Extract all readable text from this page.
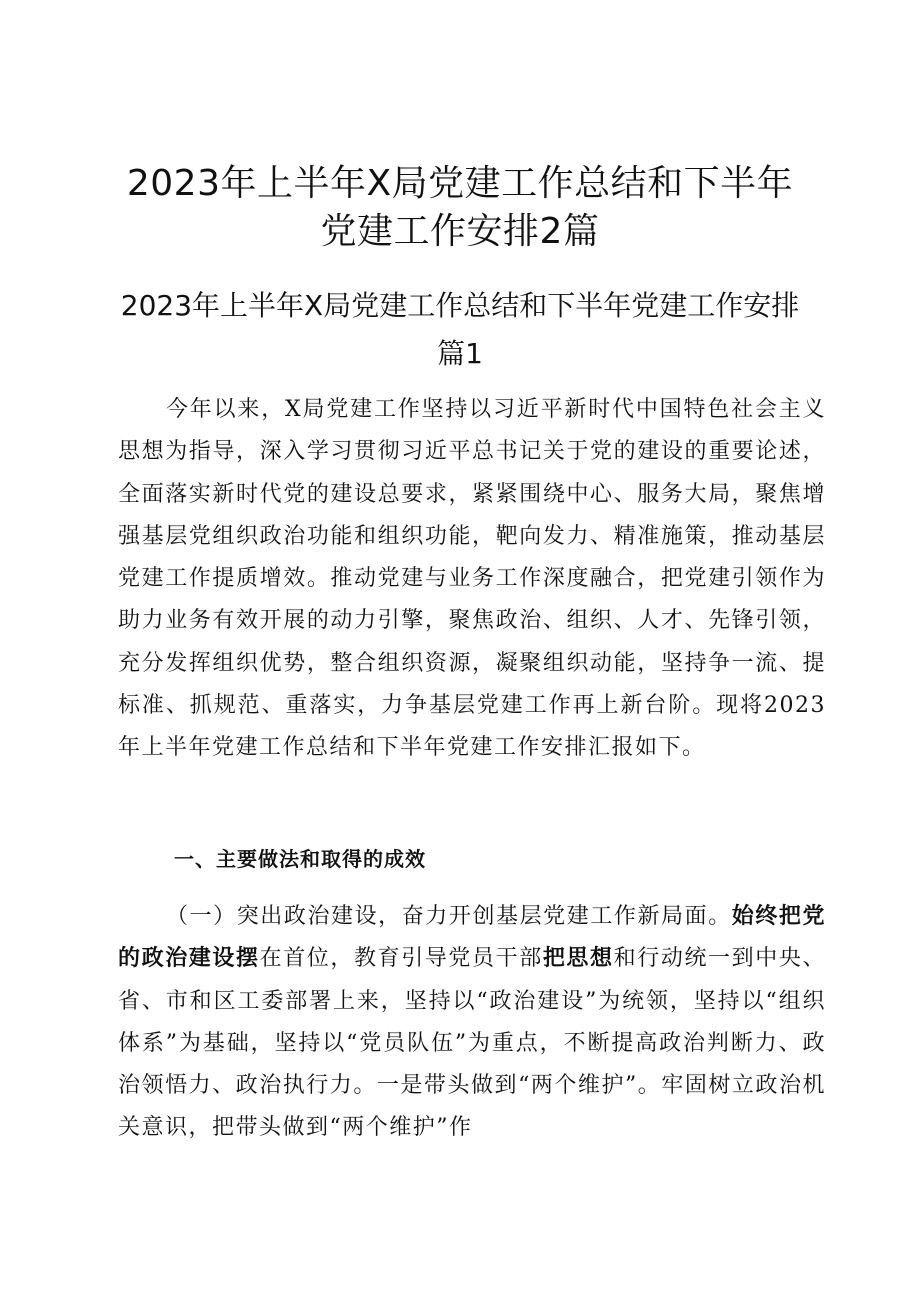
2023年上半年X局党建工作总结和下半年党建工作安排2篇
2023年上半年X局党建工作总结和下半年党建工作安排篇1

今年以来，X局党建工作坚持以习近平新时代中国特色社会主义思想为指导，深入学习贯彻习近平总书记关于党的建设的重要论述，全面落实新时代党的建设总要求，紧紧围绕中心、服务大局，聚焦增强基层党组织政治功能和组织功能，靶向发力、精准施策，推动基层党建工作提质增效。推动党建与业务工作深度融合，把党建引领作为助力业务有效开展的动力引擎，聚焦政治、组织、人才、先锋引领，充分发挥组织优势，整合组织资源，凝聚组织动能，坚持争一流、提标准、抓规范、重落实，力争基层党建工作再上新台阶。现将2023年上半年党建工作总结和下半年党建工作安排汇报如下。

一、主要做法和取得的成效

（一）突出政治建设，奋力开创基层党建工作新局面。始终把党的政治建设摆在首位，教育引导党员干部把思想和行动统一到中央、省、市和区工委部署上来，坚持以“政治建设”为统领，坚持以“组织体系”为基础，坚持以“党员队伍”为重点，不断提高政治判断力、政治领悟力、政治执行力。一是带头做到“两个维护”。牢固树立政治机关意识，把带头做到“两个维护”作
